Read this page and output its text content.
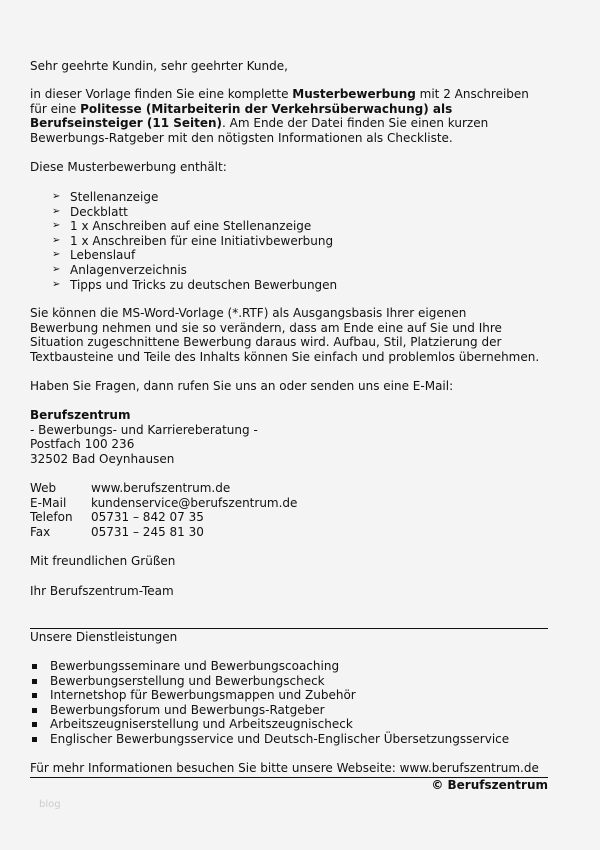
Sehr geehrte Kundin, sehr geehrter Kunde,
in dieser Vorlage finden Sie eine komplette Musterbewerbung mit 2 Anschreiben
für eine Politesse (Mitarbeiterin der Verkehrsüberwachung) als
Berufseinsteiger (11 Seiten). Am Ende der Datei finden Sie einen kurzen
Bewerbungs-Ratgeber mit den nötigsten Informationen als Checkliste.
Diese Musterbewerbung enthält:
➢ Stellenanzeige
➢ Deckblatt
➢ 1 x Anschreiben auf eine Stellenanzeige
➢ 1 x Anschreiben für eine Initiativbewerbung
➢ Lebenslauf
➢ Anlagenverzeichnis
➢ Tipps und Tricks zu deutschen Bewerbungen
Sie können die MS-Word-Vorlage (*.RTF) als Ausgangsbasis Ihrer eigenen
Bewerbung nehmen und sie so verändern, dass am Ende eine auf Sie und Ihre
Situation zugeschnittene Bewerbung daraus wird. Aufbau, Stil, Platzierung der
Textbausteine und Teile des Inhalts können Sie einfach und problemlos übernehmen.
Haben Sie Fragen, dann rufen Sie uns an oder senden uns eine E-Mail:
Berufszentrum
- Bewerbungs- und Karriereberatung -
Postfach 100 236
32502 Bad Oeynhausen
Web	www.berufszentrum.de
E-Mail	kundenservice@berufszentrum.de
Telefon	05731 – 842 07 35
Fax	05731 – 245 81 30
Mit freundlichen Grüßen
Ihr Berufszentrum-Team
Unsere Dienstleistungen
Bewerbungsseminare und Bewerbungscoaching
Bewerbungserstellung und Bewerbungscheck
Internetshop für Bewerbungsmappen und Zubehör
Bewerbungsforum und Bewerbungs-Ratgeber
Arbeitszeugniserstellung und Arbeitszeugnischeck
Englischer Bewerbungsservice und Deutsch-Englischer Übersetzungsservice
Für mehr Informationen besuchen Sie bitte unsere Webseite: www.berufszentrum.de
© Berufszentrum
blog
